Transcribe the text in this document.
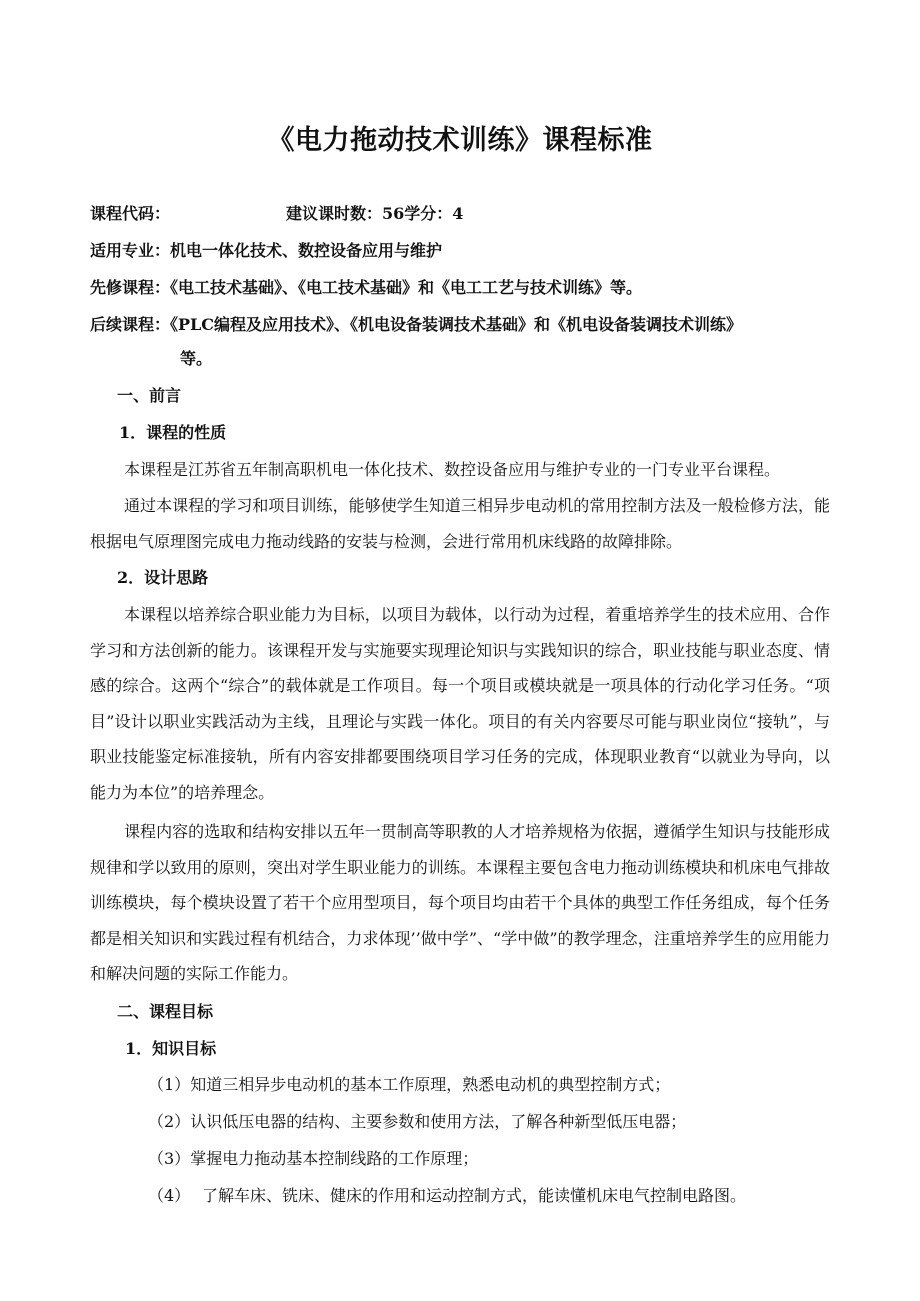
《电力拖动技术训练》课程标准
课程代码：	建议课时数：56学分：4
适用专业：机电一体化技术、数控设备应用与维护
先修课程：《电工技术基础》、《电工技术基础》和《电工工艺与技术训练》等。
后续课程：《PLC编程及应用技术》、《机电设备装调技术基础》和《机电设备装调技术训练》
等。
一、前言
1．课程的性质
本课程是江苏省五年制高职机电一体化技术、数控设备应用与维护专业的一门专业平台课程。
通过本课程的学习和项目训练，能够使学生知道三相异步电动机的常用控制方法及一般检修方法，能根据电气原理图完成电力拖动线路的安装与检测，会进行常用机床线路的故障排除。
2．设计思路
本课程以培养综合职业能力为目标，以项目为载体，以行动为过程，着重培养学生的技术应用、合作学习和方法创新的能力。该课程开发与实施要实现理论知识与实践知识的综合，职业技能与职业态度、情感的综合。这两个“综合”的载体就是工作项目。每一个项目或模块就是一项具体的行动化学习任务。“项目”设计以职业实践活动为主线，且理论与实践一体化。项目的有关内容要尽可能与职业岗位“接轨”，与职业技能鉴定标准接轨，所有内容安排都要围绕项目学习任务的完成，体现职业教育“以就业为导向，以能力为本位”的培养理念。
课程内容的选取和结构安排以五年一贯制高等职教的人才培养规格为依据，遵循学生知识与技能形成规律和学以致用的原则，突出对学生职业能力的训练。本课程主要包含电力拖动训练模块和机床电气排故训练模块，每个模块设置了若干个应用型项目，每个项目均由若干个具体的典型工作任务组成，每个任务都是相关知识和实践过程有机结合，力求体现’’做中学”、“学中做”的教学理念，注重培养学生的应用能力和解决问题的实际工作能力。
二、课程目标
1．知识目标
（1）知道三相异步电动机的基本工作原理，熟悉电动机的典型控制方式；
（2）认识低压电器的结构、主要参数和使用方法，了解各种新型低压电器；
（3）掌握电力拖动基本控制线路的工作原理；
（4） 了解车床、铣床、健床的作用和运动控制方式，能读懂机床电气控制电路图。
